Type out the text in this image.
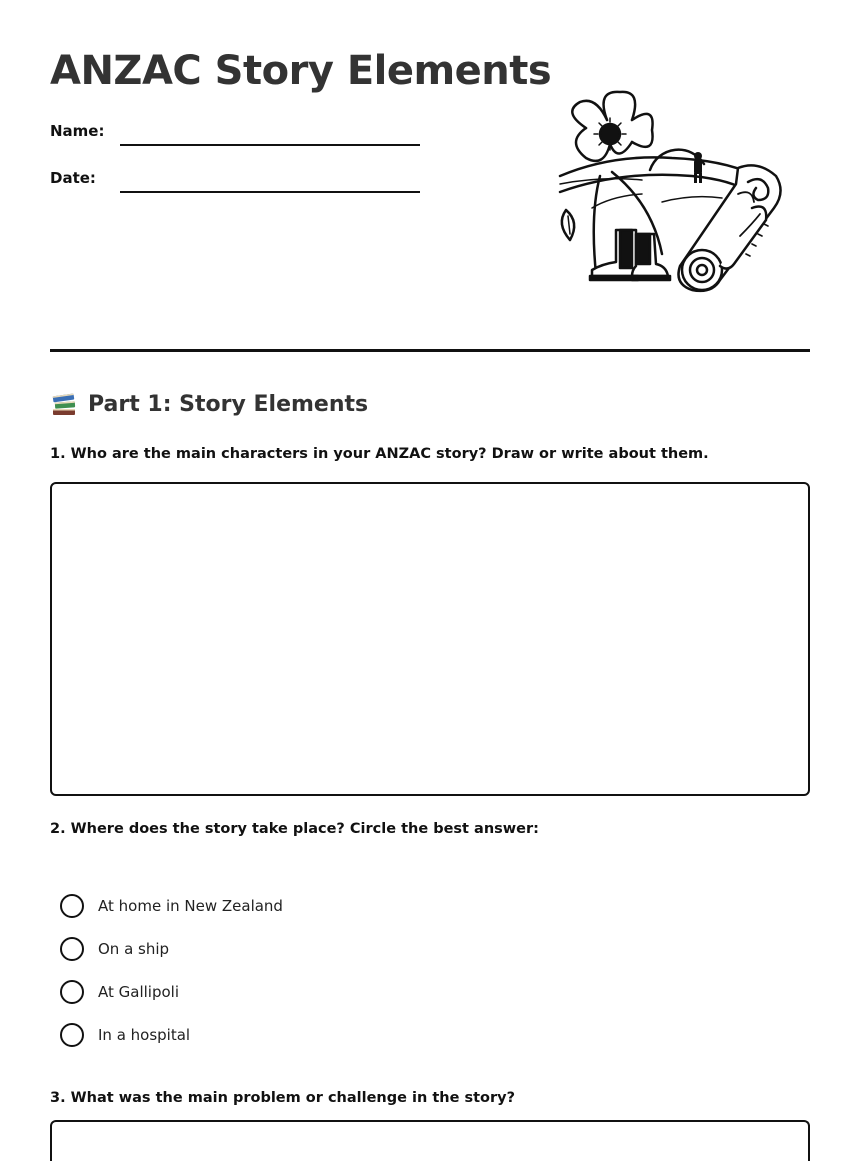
ANZAC Story Elements
Name:
Date:
Part 1: Story Elements
1. Who are the main characters in your ANZAC story? Draw or write about them.
2. Where does the story take place? Circle the best answer:
At home in New Zealand
On a ship
At Gallipoli
In a hospital
3. What was the main problem or challenge in the story?
